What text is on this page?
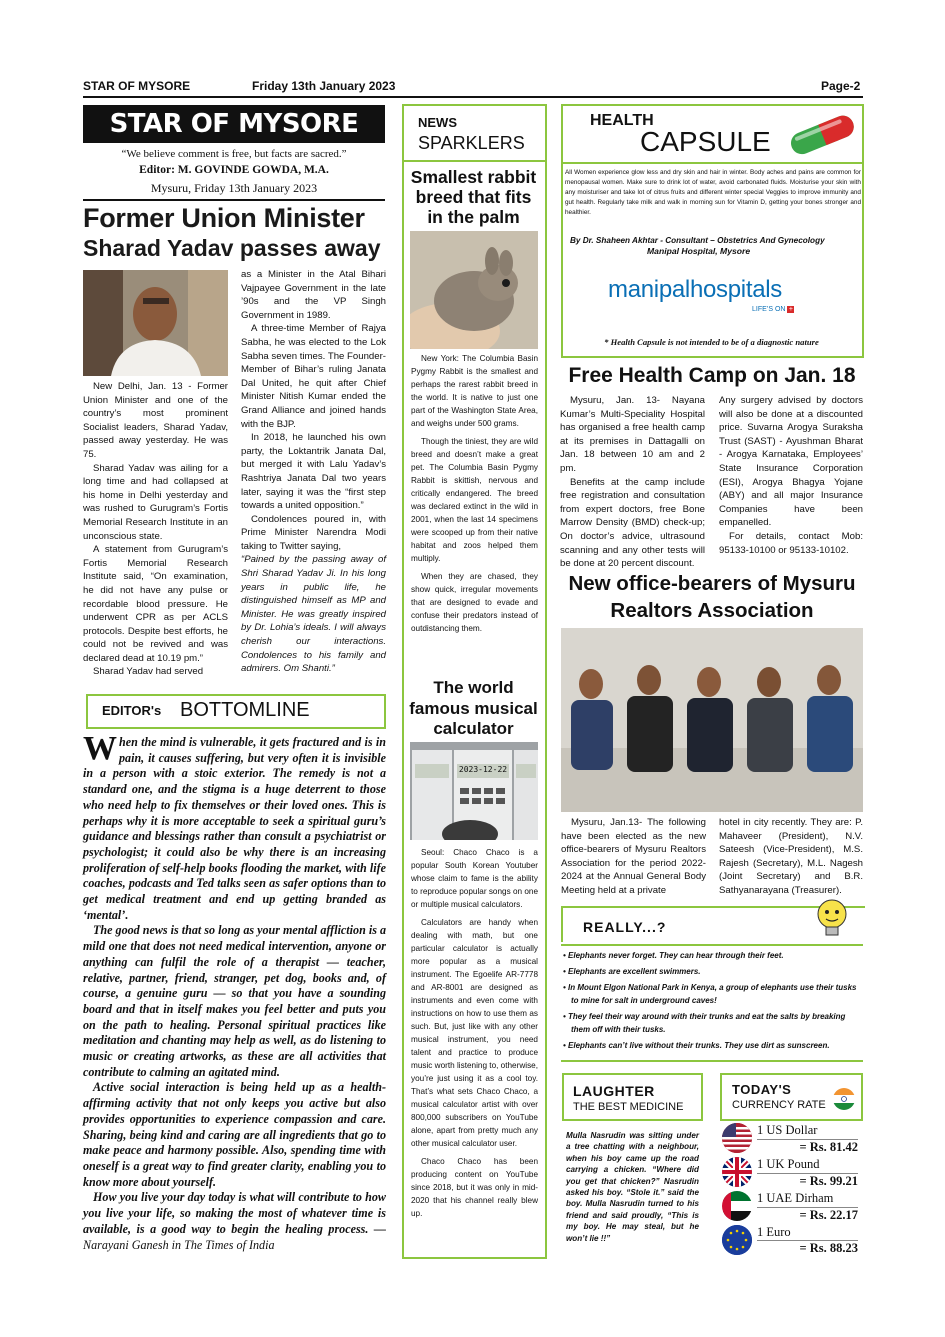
STAR OF MYSORE	Friday 13th January 2023	Page-2
STAR OF MYSORE
“We believe comment is free, but facts are sacred.”
Editor: M. GOVINDE GOWDA, M.A.
Mysuru, Friday 13th January 2023
Former Union Minister
Sharad Yadav passes away

New Delhi, Jan. 13 - Former Union Minister and one of the country’s most prominent Socialist leaders, Sharad Yadav, passed away yesterday. He was 75.

Sharad Yadav was ailing for a long time and had collapsed at his home in Delhi yesterday and was rushed to Gurugram’s Fortis Memorial Research Institute in an unconscious state.

A statement from Gurugram’s Fortis Memorial Research Institute said, “On examination, he did not have any pulse or recordable blood pressure. He underwent CPR as per ACLS protocols. Despite best efforts, he could not be revived and was declared dead at 10.19 pm.”

Sharad Yadav had served

as a Minister in the Atal Bihari Vajpayee Government in the late ’90s and the VP Singh Government in 1989.

A three-time Member of Rajya Sabha, he was elected to the Lok Sabha seven times. The Founder-Member of Bihar’s ruling Janata Dal United, he quit after Chief Minister Nitish Kumar ended the Grand Alliance and joined hands with the BJP.

In 2018, he launched his own party, the Loktantrik Janata Dal, but merged it with Lalu Yadav’s Rashtriya Janata Dal two years later, saying it was the “first step towards a united opposition.”

Condolences poured in, with Prime Minister Narendra Modi taking to Twitter saying,

“Pained by the passing away of Shri Sharad Yadav Ji. In his long years in public life, he distinguished himself as MP and Minister. He was greatly inspired by Dr. Lohia’s ideals. I will always cherish our interactions. Condolences to his family and admirers. Om Shanti.”

EDITOR's BOTTOMLINE

When the mind is vulnerable, it gets fractured and is in pain, it causes suffering, but very often it is invisible in a person with a stoic exterior. The remedy is not a standard one, and the stigma is a huge deterrent to those who need help to fix themselves or their loved ones. This is perhaps why it is more acceptable to seek a spiritual guru’s guidance and blessings rather than consult a psychiatrist or psychologist; it could also be why there is an increasing proliferation of self-help books flooding the market, with life coaches, podcasts and Ted talks seen as safer options than to get medical treatment and end up getting branded as ‘mental’.

The good news is that so long as your mental affliction is a mild one that does not need medical intervention, anyone or anything can fulfil the role of a therapist — teacher, relative, partner, friend, stranger, pet dog, books and, of course, a genuine guru — so that you have a sounding board and that in itself makes you feel better and puts you on the path to healing. Personal spiritual practices like meditation and chanting may help as well, as do listening to music or creating artworks, as these are all activities that contribute to calming an agitated mind.

Active social interaction is being held up as a health-affirming activity that not only keeps you active but also provides opportunities to experience compassion and care. Sharing, being kind and caring are all ingredients that go to make peace and harmony possible. Also, spending time with oneself is a great way to find greater clarity, enabling you to know more about yourself.

How you live your day today is what will contribute to how you live your life, so making the most of whatever time is available, is a good way to begin the healing process. — Narayani Ganesh in The Times of India

NEWS
SPARKLERS
Smallest rabbit breed that fits in the palm

New York: The Columbia Basin Pygmy Rabbit is the smallest and perhaps the rarest rabbit breed in the world. It is native to just one part of the Washington State Area, and weighs under 500 grams.

Though the tiniest, they are wild breed and doesn’t make a great pet. The Columbia Basin Pygmy Rabbit is skittish, nervous and critically endangered. The breed was declared extinct in the wild in 2001, when the last 14 specimens were scooped up from their native habitat and zoos helped them multiply.

When they are chased, they show quick, irregular movements that are designed to evade and confuse their predators instead of outdistancing them.

The world famous musical calculator
2023-12-22

Seoul: Chaco Chaco is a popular South Korean Youtuber whose claim to fame is the ability to reproduce popular songs on one or multiple musical calculators.

Calculators are handy when dealing with math, but one particular calculator is actually more popular as a musical instrument. The Egoelife AR-7778 and AR-8001 are designed as instruments and even come with instructions on how to use them as such. But, just like with any other musical instrument, you need talent and practice to produce music worth listening to, otherwise, you’re just using it as a cool toy. That’s what sets Chaco Chaco, a musical calculator artist with over 800,000 subscribers on YouTube alone, apart from pretty much any other musical calculator user.

Chaco Chaco has been producing content on YouTube since 2018, but it was only in mid-2020 that his channel really blew up.

HEALTH
CAPSULE
All Women experience glow less and dry skin and hair in winter. Body aches and pains are common for menopausal women. Make sure to drink lot of water, avoid carbonated fluids. Moisturise your skin with any moisturiser and take lot of citrus fruits and different winter special Veggies to improve immunity and gut health. Regularly take milk and walk in morning sun for Vitamin D, getting your bones stronger and healthier.
By Dr. Shaheen Akhtar - Consultant – Obstetrics And Gynecology
Manipal Hospital, Mysore
manipalhospitals
LIFE’S ON +
* Health Capsule is not intended to be of a diagnostic nature
Free Health Camp on Jan. 18

Mysuru, Jan. 13- Nayana Kumar’s Multi-Speciality Hospital has organised a free health camp at its premises in Dattagalli on Jan. 18 between 10 am and 2 pm.

Benefits at the camp include free registration and consultation from expert doctors, free Bone Marrow Density (BMD) check-up; On doctor’s advice, ultrasound scanning and any other tests will be done at 20 percent discount.

Any surgery advised by doctors will also be done at a discounted price. Suvarna Arogya Suraksha Trust (SAST) - Ayushman Bharat - Arogya Karnataka, Employees’ State Insurance Corporation (ESI), Arogya Bhagya Yojane (ABY) and all major Insurance Companies have been empanelled.

For details, contact Mob: 95133-10100 or 95133-10102.

New office-bearers of Mysuru
Realtors Association

Mysuru, Jan.13- The following have been elected as the new office-bearers of Mysuru Realtors Association for the period 2022-2024 at the Annual General Body Meeting held at a private

hotel in city recently. They are: P. Mahaveer (President), N.V. Sateesh (Vice-President), M.S. Rajesh (Secretary), M.L. Nagesh (Joint Secretary) and B.R. Sathyanarayana (Treasurer).

REALLY...?
• Elephants never forget. They can hear through their feet.
• Elephants are excellent swimmers.
• In Mount Elgon National Park in Kenya, a group of elephants use their tusks to mine for salt in underground caves!
• They feel their way around with their trunks and eat the salts by breaking them off with their tusks.
• Elephants can’t live without their trunks. They use dirt as sunscreen.
LAUGHTER
THE BEST MEDICINE
Mulla Nasrudin was sitting under a tree chatting with a neighbour, when his boy came up the road carrying a chicken. “Where did you get that chicken?” Nasrudin asked his boy. “Stole it.” said the boy. Mulla Nasrudin turned to his friend and said proudly, “This is my boy. He may steal, but he won’t lie !!”
TODAY'S
CURRENCY RATE
1 US Dollar
= Rs. 81.42
1 UK Pound
= Rs. 99.21
1 UAE Dirham
= Rs. 22.17
1 Euro
= Rs. 88.23
